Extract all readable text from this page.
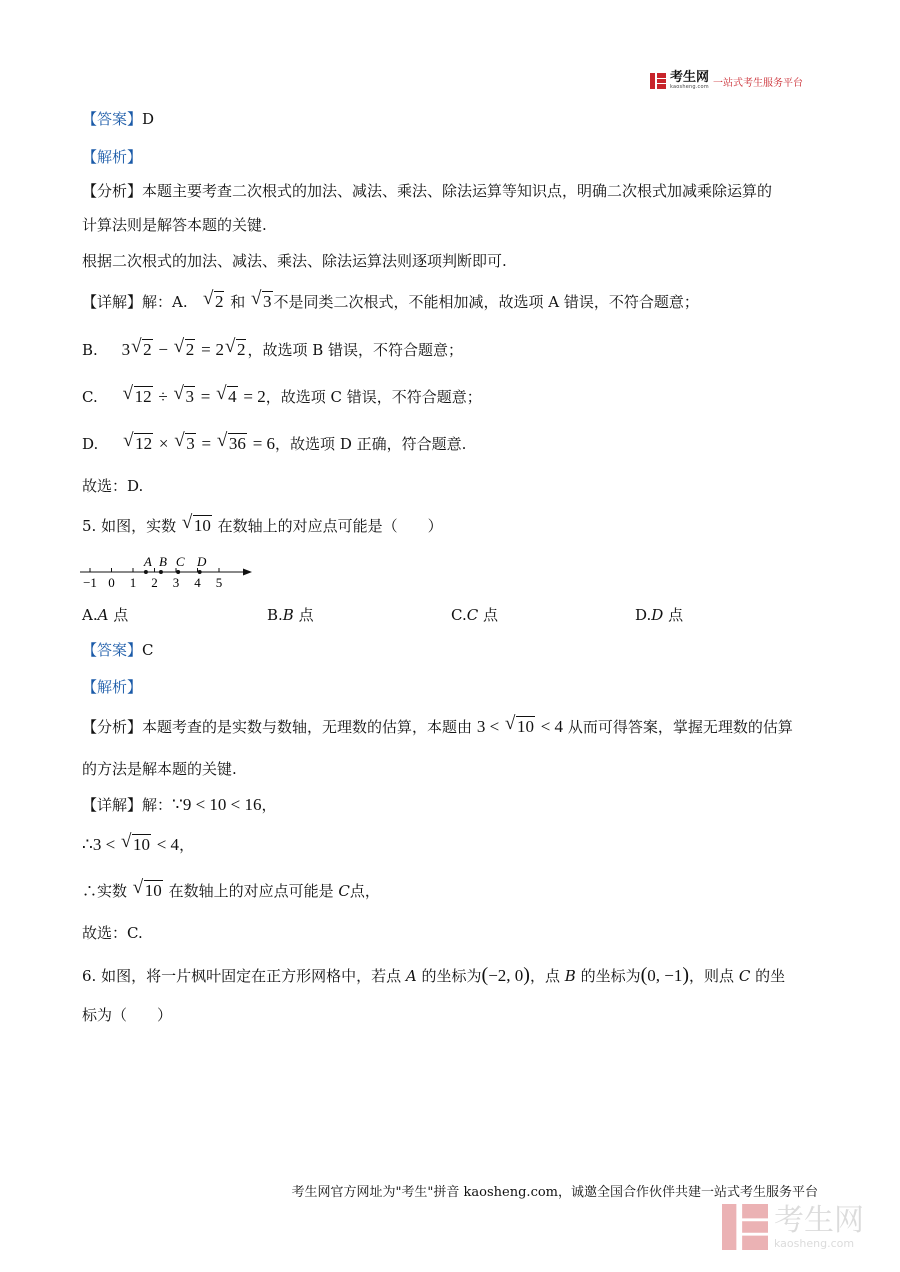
考生网
kaosheng.com 一站式考生服务平台
【答案】D
【解析】
【分析】本题主要考查二次根式的加法、减法、乘法、除法运算等知识点，明确二次根式加减乘除运算的
计算法则是解答本题的关键.
根据二次根式的加法、减法、乘法、除法运算法则逐项判断即可.
【详解】解：A. √ 2 和 √ 3 不是同类二次根式，不能相加减，故选项 A 错误，不符合题意；
B. 3 √ 2 − √ 2 = 2 √ 2 ，故选项 B 错误，不符合题意；
C. √ 12 ÷ √ 3 = √ 4 = 2，故选项 C 错误，不符合题意；
D. √ 12 × √ 3 = √ 36 = 6，故选项 D 正确，符合题意.
故选：D.
5. 如图，实数 √ 10 在数轴上的对应点可能是（　　）
−1 0 1 2 3 4 5
A B C D
A.A 点	B.B 点	C.C 点	D.D 点
【答案】C
【解析】
【分析】本题考查的是实数与数轴，无理数的估算，本题由 3 < √ 10 < 4 从而可得答案，掌握无理数的估算
的方法是解本题的关键.
【详解】解：∵9 < 10 < 16，
∴3 < √ 10 < 4，
∴实数 √ 10 在数轴上的对应点可能是 C点，
故选：C.
6. 如图，将一片枫叶固定在正方形网格中，若点 A 的坐标为(−2, 0)，点 B 的坐标为(0, −1)，则点 C 的坐
标为（　　）
考生网官方网址为"考生"拼音 kaosheng.com，诚邀全国合作伙伴共建一站式考生服务平台
考生网
kaosheng.com
